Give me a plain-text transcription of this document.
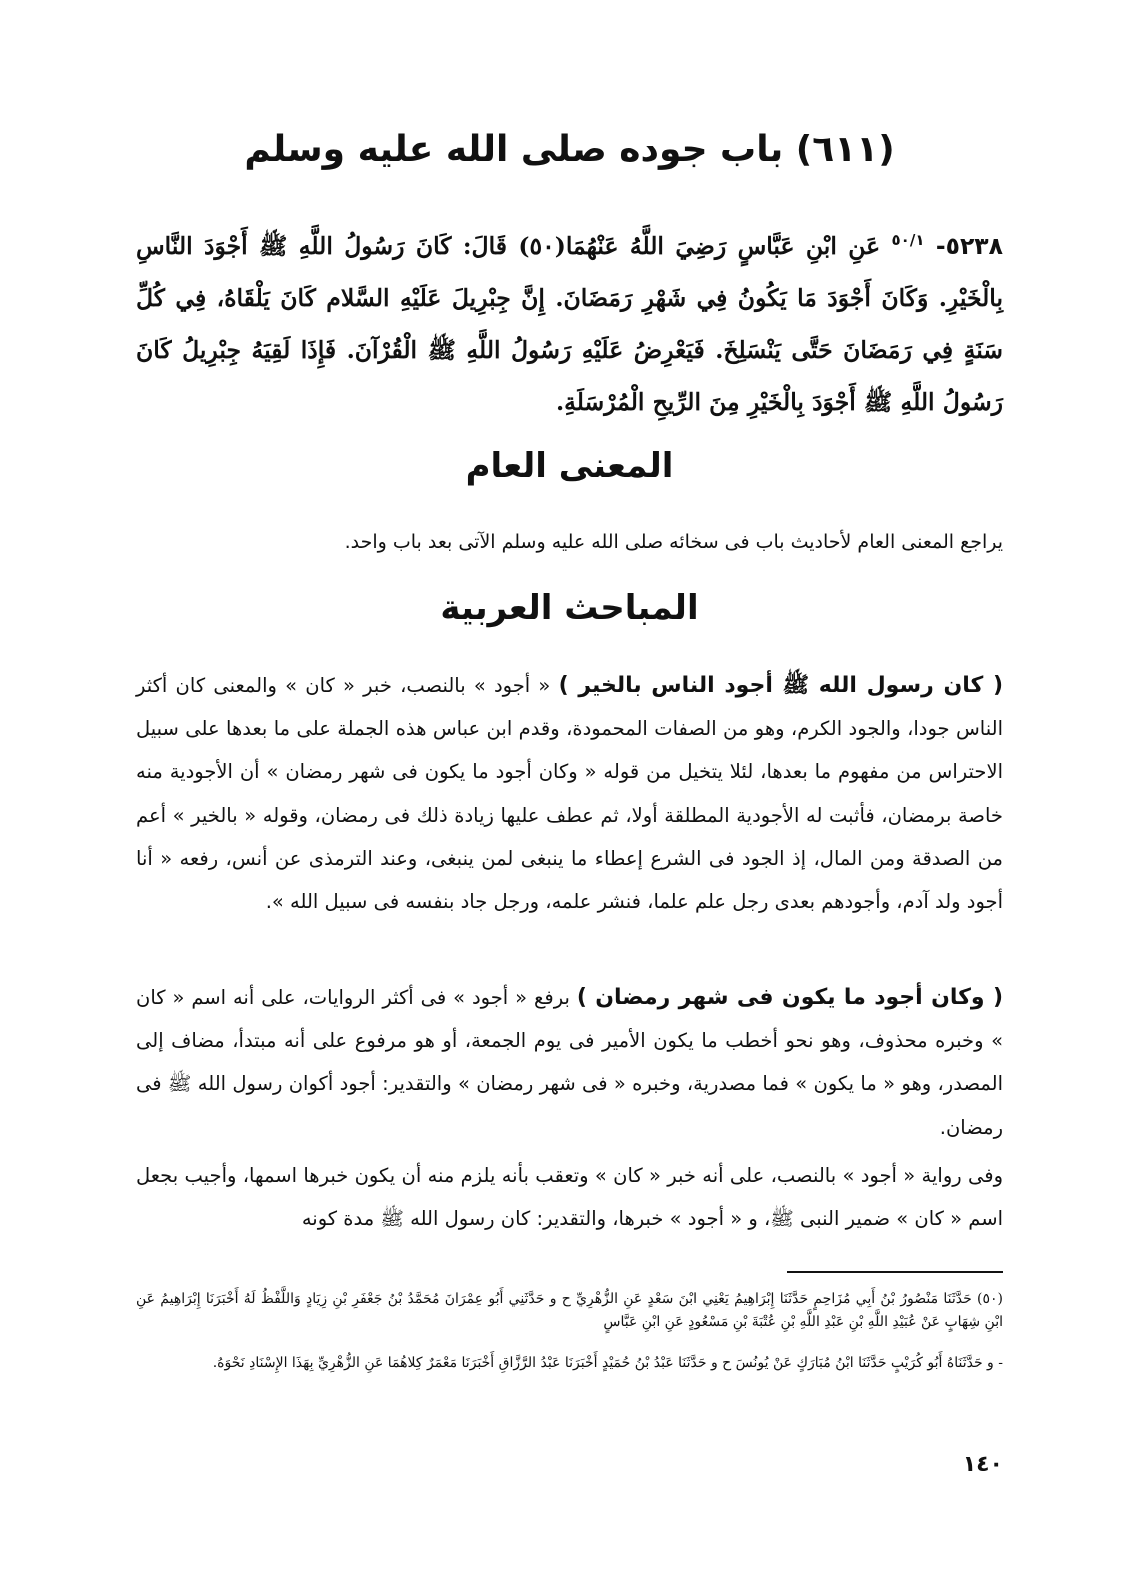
(٦١١) باب جوده صلى الله عليه وسلم

٥٢٣٨- $^{٥٠/١}$ عَنِ ابْنِ عَبَّاسٍ رَضِيَ اللَّهُ عَنْهُمَا(٥٠) قَالَ: كَانَ رَسُولُ اللَّهِ ﷺ أَجْوَدَ النَّاسِ بِالْخَيْرِ. وَكَانَ أَجْوَدَ مَا يَكُونُ فِي شَهْرِ رَمَضَانَ. إِنَّ جِبْرِيلَ عَلَيْهِ السَّلام كَانَ يَلْقَاهُ، فِي كُلِّ سَنَةٍ فِي رَمَضَانَ حَتَّى يَنْسَلِخَ. فَيَعْرِضُ عَلَيْهِ رَسُولُ اللَّهِ ﷺ الْقُرْآنَ. فَإِذَا لَقِيَهُ جِبْرِيلُ كَانَ رَسُولُ اللَّهِ ﷺ أَجْوَدَ بِالْخَيْرِ مِنَ الرِّيحِ الْمُرْسَلَةِ.

المعنى العام

يراجع المعنى العام لأحاديث باب فى سخائه صلى الله عليه وسلم الآتى بعد باب واحد.

المباحث العربية

( كان رسول الله ﷺ أجود الناس بالخير ) « أجود » بالنصب، خبر « كان » والمعنى كان أكثر الناس جودا، والجود الكرم، وهو من الصفات المحمودة، وقدم ابن عباس هذه الجملة على ما بعدها على سبيل الاحتراس من مفهوم ما بعدها، لئلا يتخيل من قوله « وكان أجود ما يكون فى شهر رمضان » أن الأجودية منه خاصة برمضان، فأثبت له الأجودية المطلقة أولا، ثم عطف عليها زيادة ذلك فى رمضان، وقوله « بالخير » أعم من الصدقة ومن المال، إذ الجود فى الشرع إعطاء ما ينبغى لمن ينبغى، وعند الترمذى عن أنس، رفعه « أنا أجود ولد آدم، وأجودهم بعدى رجل علم علما، فنشر علمه، ورجل جاد بنفسه فى سبيل الله ».

( وكان أجود ما يكون فى شهر رمضان ) برفع « أجود » فى أكثر الروايات، على أنه اسم « كان » وخبره محذوف، وهو نحو أخطب ما يكون الأمير فى يوم الجمعة، أو هو مرفوع على أنه مبتدأ، مضاف إلى المصدر، وهو « ما يكون » فما مصدرية، وخبره « فى شهر رمضان » والتقدير: أجود أكوان رسول الله ﷺ فى رمضان.

وفى رواية « أجود » بالنصب، على أنه خبر « كان » وتعقب بأنه يلزم منه أن يكون خبرها اسمها، وأجيب بجعل اسم « كان » ضمير النبى ﷺ، و « أجود » خبرها، والتقدير: كان رسول الله ﷺ مدة كونه

(٥٠) حَدَّثَنَا مَنْصُورُ بْنُ أَبِي مُزَاحِمٍ حَدَّثَنَا إِبْرَاهِيمُ يَعْنِي ابْنَ سَعْدٍ عَنِ الزُّهْرِيِّ ح و حَدَّثَنِي أَبُو عِمْرَانَ مُحَمَّدُ بْنُ جَعْفَرِ بْنِ زِيَادٍ وَاللَّفْظُ لَهُ أَخْبَرَنَا إِبْرَاهِيمُ عَنِ ابْنِ شِهَابٍ عَنْ عُبَيْدِ اللَّهِ بْنِ عَبْدِ اللَّهِ بْنِ عُتْبَةَ بْنِ مَسْعُودٍ عَنِ ابْنِ عَبَّاسٍ

- و حَدَّثَنَاهُ أَبُو كُرَيْبٍ حَدَّثَنَا ابْنُ مُبَارَكٍ عَنْ يُونُسَ ح و حَدَّثَنَا عَبْدُ بْنُ حُمَيْدٍ أَخْبَرَنَا عَبْدُ الرَّزَّاقِ أَخْبَرَنَا مَعْمَرٌ كِلاهُمَا عَنِ الزُّهْرِيِّ بِهَذَا الإِسْنَادِ نَحْوَهُ.

١٤٠
